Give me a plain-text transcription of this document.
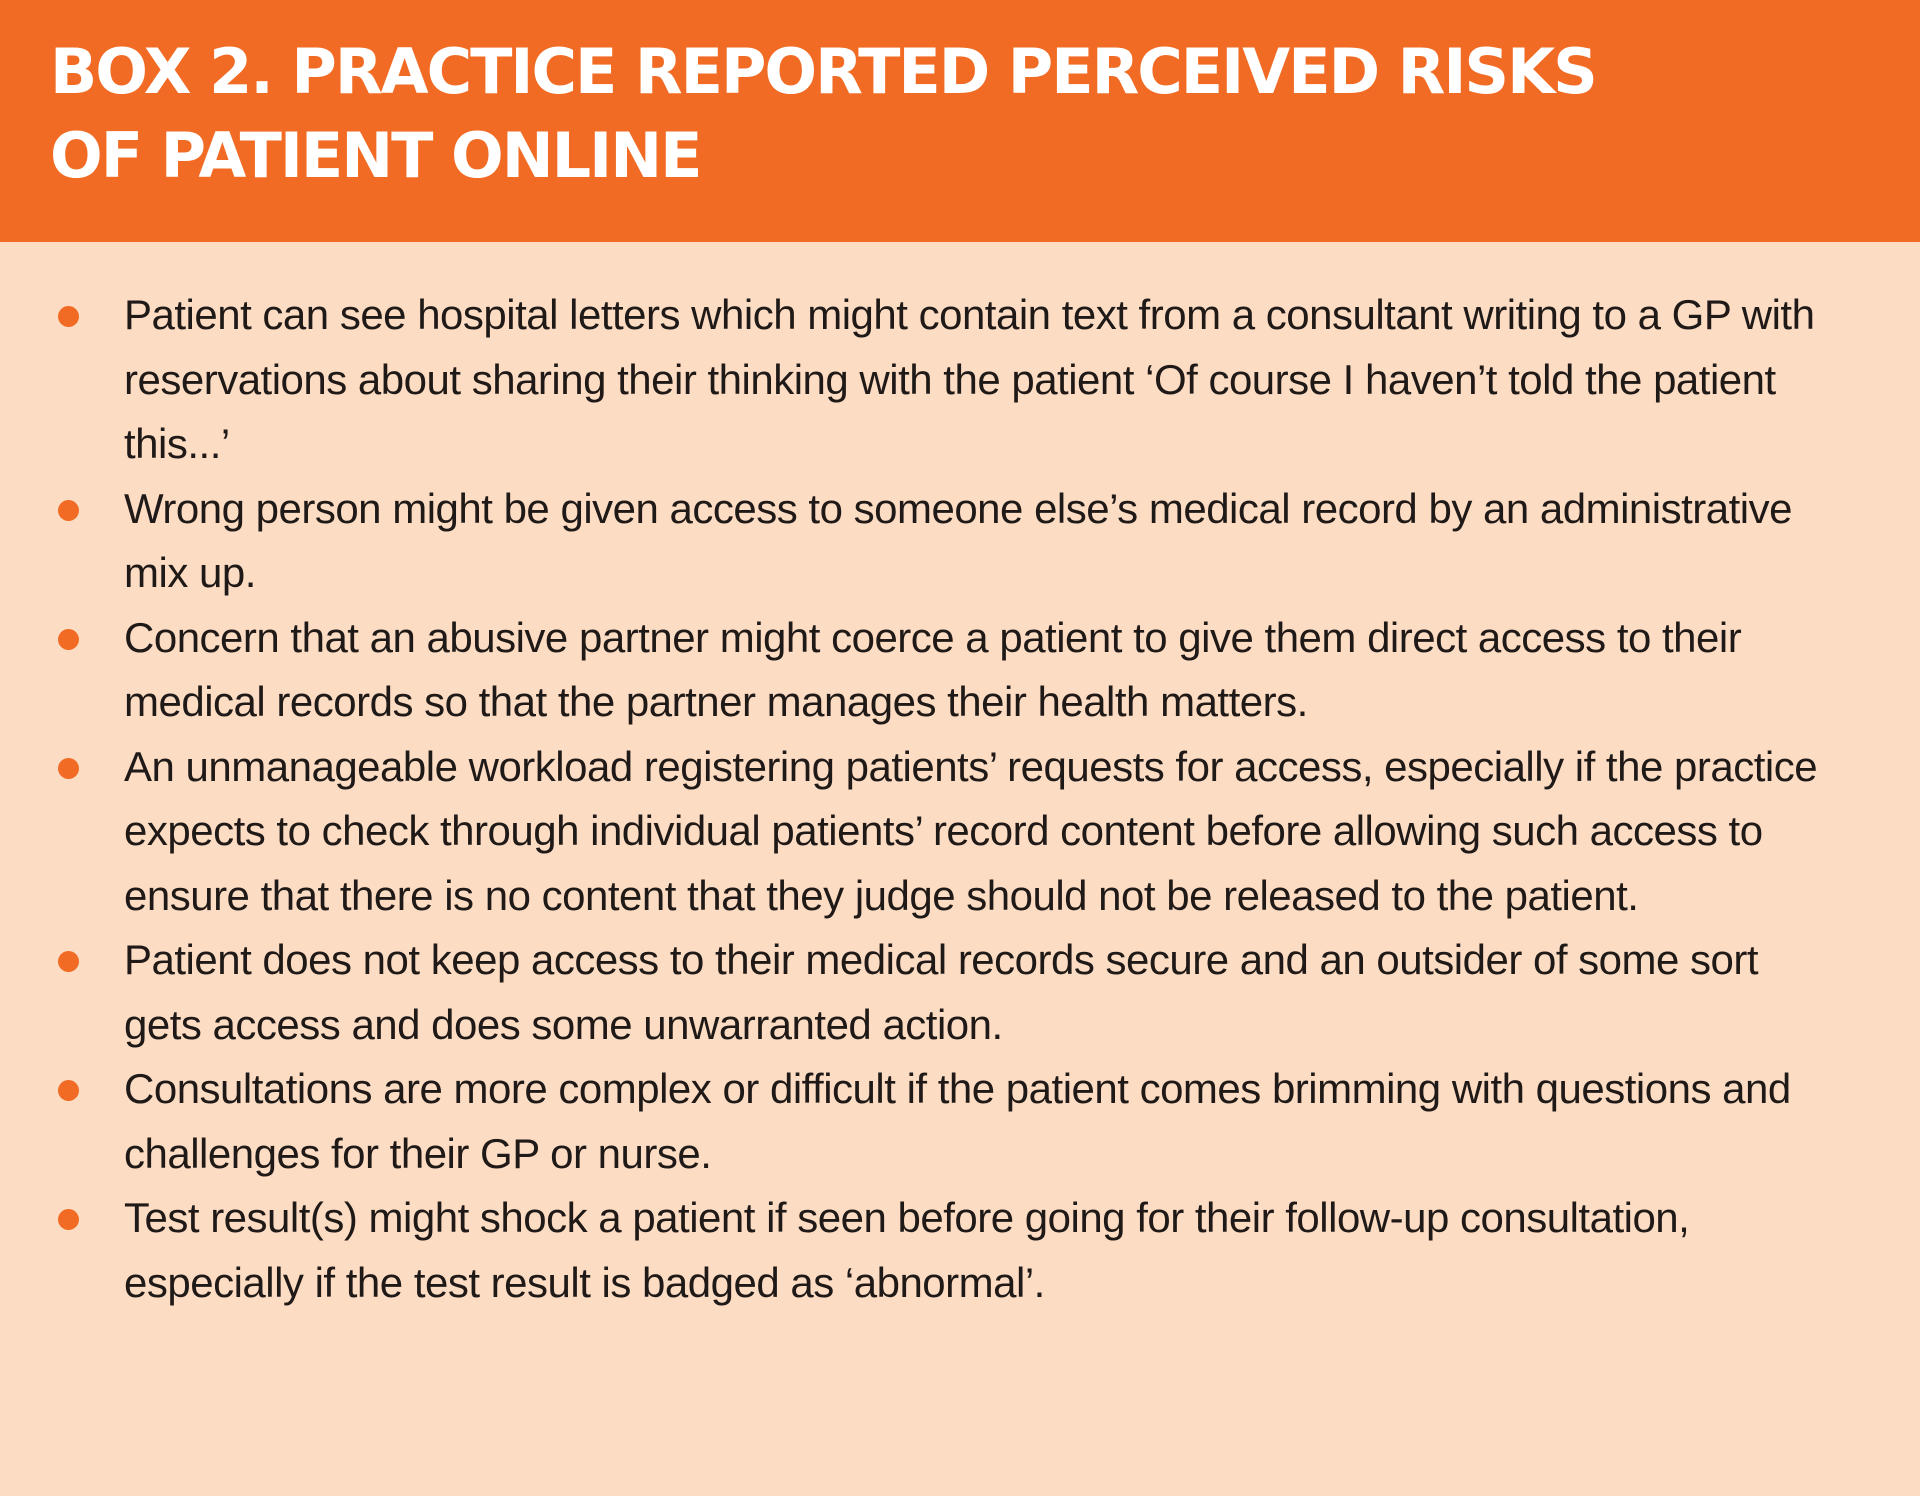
BOX 2. PRACTICE REPORTED PERCEIVED RISKS
OF PATIENT ONLINE
Patient can see hospital letters which might contain text from a consultant writing to a GP with reservations about sharing their thinking with the patient ‘Of course I haven’t told the patient this...’
Wrong person might be given access to someone else’s medical record by an administrative mix up.
Concern that an abusive partner might coerce a patient to give them direct access to their medical records so that the partner manages their health matters.
An unmanageable workload registering patients’ requests for access, especially if the practice expects to check through individual patients’ record content before allowing such access to ensure that there is no content that they judge should not be released to the patient.
Patient does not keep access to their medical records secure and an outsider of some sort gets access and does some unwarranted action.
Consultations are more complex or difficult if the patient comes brimming with questions and challenges for their GP or nurse.
Test result(s) might shock a patient if seen before going for their follow-up consultation, especially if the test result is badged as ‘abnormal’.
